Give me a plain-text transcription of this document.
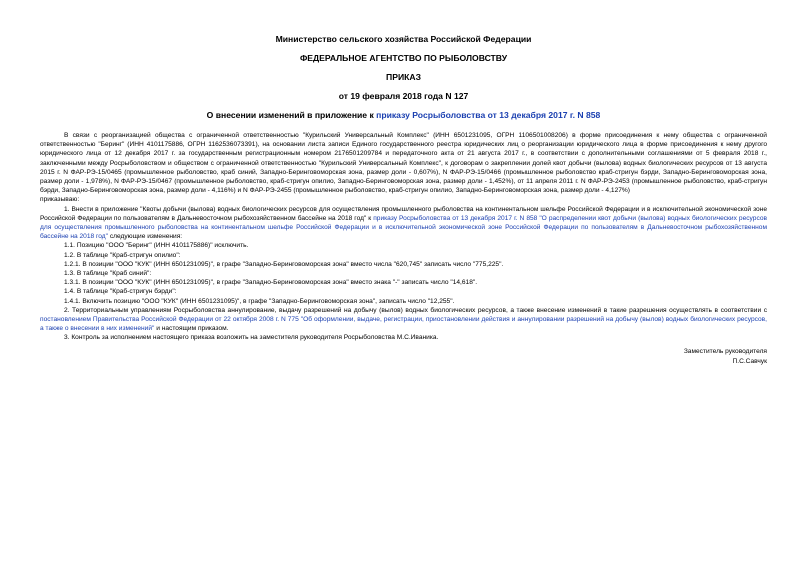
Министерство сельского хозяйства Российской Федерации
ФЕДЕРАЛЬНОЕ АГЕНТСТВО ПО РЫБОЛОВСТВУ
ПРИКАЗ
от 19 февраля 2018 года N 127
О внесении изменений в приложение к приказу Росрыболовства от 13 декабря 2017 г. N 858

В связи с реорганизацией общества с ограниченной ответственностью "Курильский Универсальный Комплекс" (ИНН 6501231095, ОГРН 1106501008206) в форме присоединения к нему общества с ограниченной ответственностью "Беринг" (ИНН 4101175886, ОГРН 1162536073391), на основании листа записи Единого государственного реестра юридических лиц о реорганизации юридического лица в форме присоединения к нему другого юридического лица от 12 декабря 2017 г. за государственным регистрационным номером 2176501209784 и передаточного акта от 21 августа 2017 г., в соответствии с дополнительными соглашениями от 5 февраля 2018 г., заключенными между Росрыболовством и обществом с ограниченной ответственностью "Курильский Универсальный Комплекс", к договорам о закреплении долей квот добычи (вылова) водных биологических ресурсов от 13 августа 2015 г. N ФАР-РЭ-15/0465 (промышленное рыболовство, краб синий, Западно-Беринговоморская зона, размер доли - 0,607%), N ФАР-РЭ-15/0466 (промышленное рыболовство краб-стригун бэрди, Западно-Беринговоморская зона, размер доли - 1,978%), N ФАР-РЭ-15/0467 (промышленное рыболовство, краб-стригун опилио, Западно-Беринговоморская зона, размер доли - 1,452%), от 11 апреля 2011 г. N ФАР-РЭ-2453 (промышленное рыболовство, краб-стригун бэрди, Западно-Беринговоморская зона, размер доли - 4,116%) и N ФАР-РЭ-2455 (промышленное рыболовство, краб-стригун опилио, Западно-Беринговоморская зона, размер доли - 4,127%)

приказываю:

1. Внести в приложение "Квоты добычи (вылова) водных биологических ресурсов для осуществления промышленного рыболовства на континентальном шельфе Российской Федерации и в исключительной экономической зоне Российской Федерации по пользователям в Дальневосточном рыбохозяйственном бассейне на 2018 год" к приказу Росрыболовства от 13 декабря 2017 г. N 858 "О распределении квот добычи (вылова) водных биологических ресурсов для осуществления промышленного рыболовства на континентальном шельфе Российской Федерации и в исключительной экономической зоне Российской Федерации по пользователям в Дальневосточном рыбохозяйственном бассейне на 2018 год" следующие изменения:

1.1. Позицию "ООО "Беринг" (ИНН 4101175886)" исключить.

1.2. В таблице "Краб-стригун опилио":

1.2.1. В позиции "ООО "КУК" (ИНН 6501231095)", в графе "Западно-Беринговоморская зона" вместо числа "620,745" записать число "775,225".

1.3. В таблице "Краб синий":

1.3.1. В позиции "ООО "КУК" (ИНН 6501231095)", в графе "Западно-Беринговоморская зона" вместо знака "-" записать число "14,618".

1.4. В таблице "Краб-стригун бэрди":

1.4.1. Включить позицию "ООО "КУК" (ИНН 6501231095)", в графе "Западно-Беринговоморская зона", записать число "12,255".

2. Территориальным управлениям Росрыболовства аннулирование, выдачу разрешений на добычу (вылов) водных биологических ресурсов, а также внесение изменений в такие разрешения осуществлять в соответствии с постановлением Правительства Российской Федерации от 22 октября 2008 г. N 775 "Об оформлении, выдаче, регистрации, приостановлении действия и аннулировании разрешений на добычу (вылов) водных биологических ресурсов, а также о внесении в них изменений" и настоящим приказом.

3. Контроль за исполнением настоящего приказа возложить на заместителя руководителя Росрыболовства М.С.Иваника.

Заместитель руководителя
П.С.Савчук
